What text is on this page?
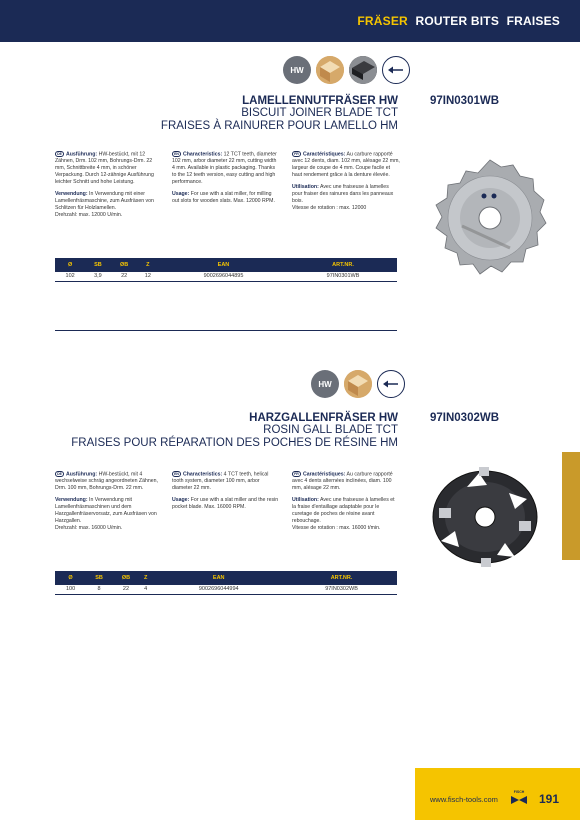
FRÄSER ROUTER BITS FRAISES
HW
LAMELLENNUTFRÄSER HW
BISCUIT JOINER BLADE TCT
FRAISES À RAINURER POUR LAMELLO HM
97IN0301WB

DE Ausführung: HW-bestückt, mit 12 Zähnen, Drm. 102 mm, Bohrungs-Drm. 22 mm, Schnittbreite 4 mm, in schöner Verpackung. Durch 12-zähnige Ausführung leichter Schnitt und hohe Leistung.

Verwendung: In Verwendung mit einer Lamellenfräsmaschine, zum Ausfräsen von Schlitzen für Holzlamellen.

Drehzahl: max. 12000 U/min.

EN Characteristics: 12 TCT teeth, diameter 102 mm, arbor diameter 22 mm, cutting width 4 mm. Available in plastic packaging. Thanks to the 12 teeth version, easy cutting and high performance.

Usage: For use with a slat miller, for milling out slots for wooden slats. Max. 12000 RPM.

FR Caractéristiques: Au carbure rapporté avec 12 dents, diam. 102 mm, alésage 22 mm, largeur de coupe de 4 mm. Coupe facile et haut rendement grâce à la denture élevée.

Utilisation: Avec une fraiseuse à lamelles pour fraiser des rainures dans les panneaux bois.

Vitesse de rotation : max. 12000

Ø	SB	ØB	Z	EAN	ART.NR.
102	3,9	22	12	9002696044895	97IN0301WB
HW
HARZGALLENFRÄSER HW
ROSIN GALL BLADE TCT
FRAISES POUR RÉPARATION DES POCHES DE RÉSINE HM
97IN0302WB

DE Ausführung: HW-bestückt, mit 4 wechselweise schräg angeordneten Zähnen, Drm. 100 mm, Bohrungs-Drm. 22 mm.

Verwendung: In Verwendung mit Lamellenfräsmaschinen und dem Harzgallenfräservorsatz, zum Ausfräsen von Harzgallen.

Drehzahl: max. 16000 U/min.

EN Characteristics: 4 TCT teeth, helical tooth system, diameter 100 mm, arbor diameter 22 mm.

Usage: For use with a slat miller and the resin pocket blade. Max. 16000 RPM.

FR Caractéristiques: Au carbure rapporté avec 4 dents alternées inclinées, diam. 100 mm, alésage 22 mm.

Utilisation: Avec une fraiseuse à lamelles et la fraise d'entaillage adaptable pour le curetage de poches de résine avant rebouchage.

Vitesse de rotation : max. 16000 t/min.

Ø	SB	ØB	Z	EAN	ART.NR.
100	8	22	4	9002696044994	97IN0302WB
www.fisch-tools.com
FISCH 191
